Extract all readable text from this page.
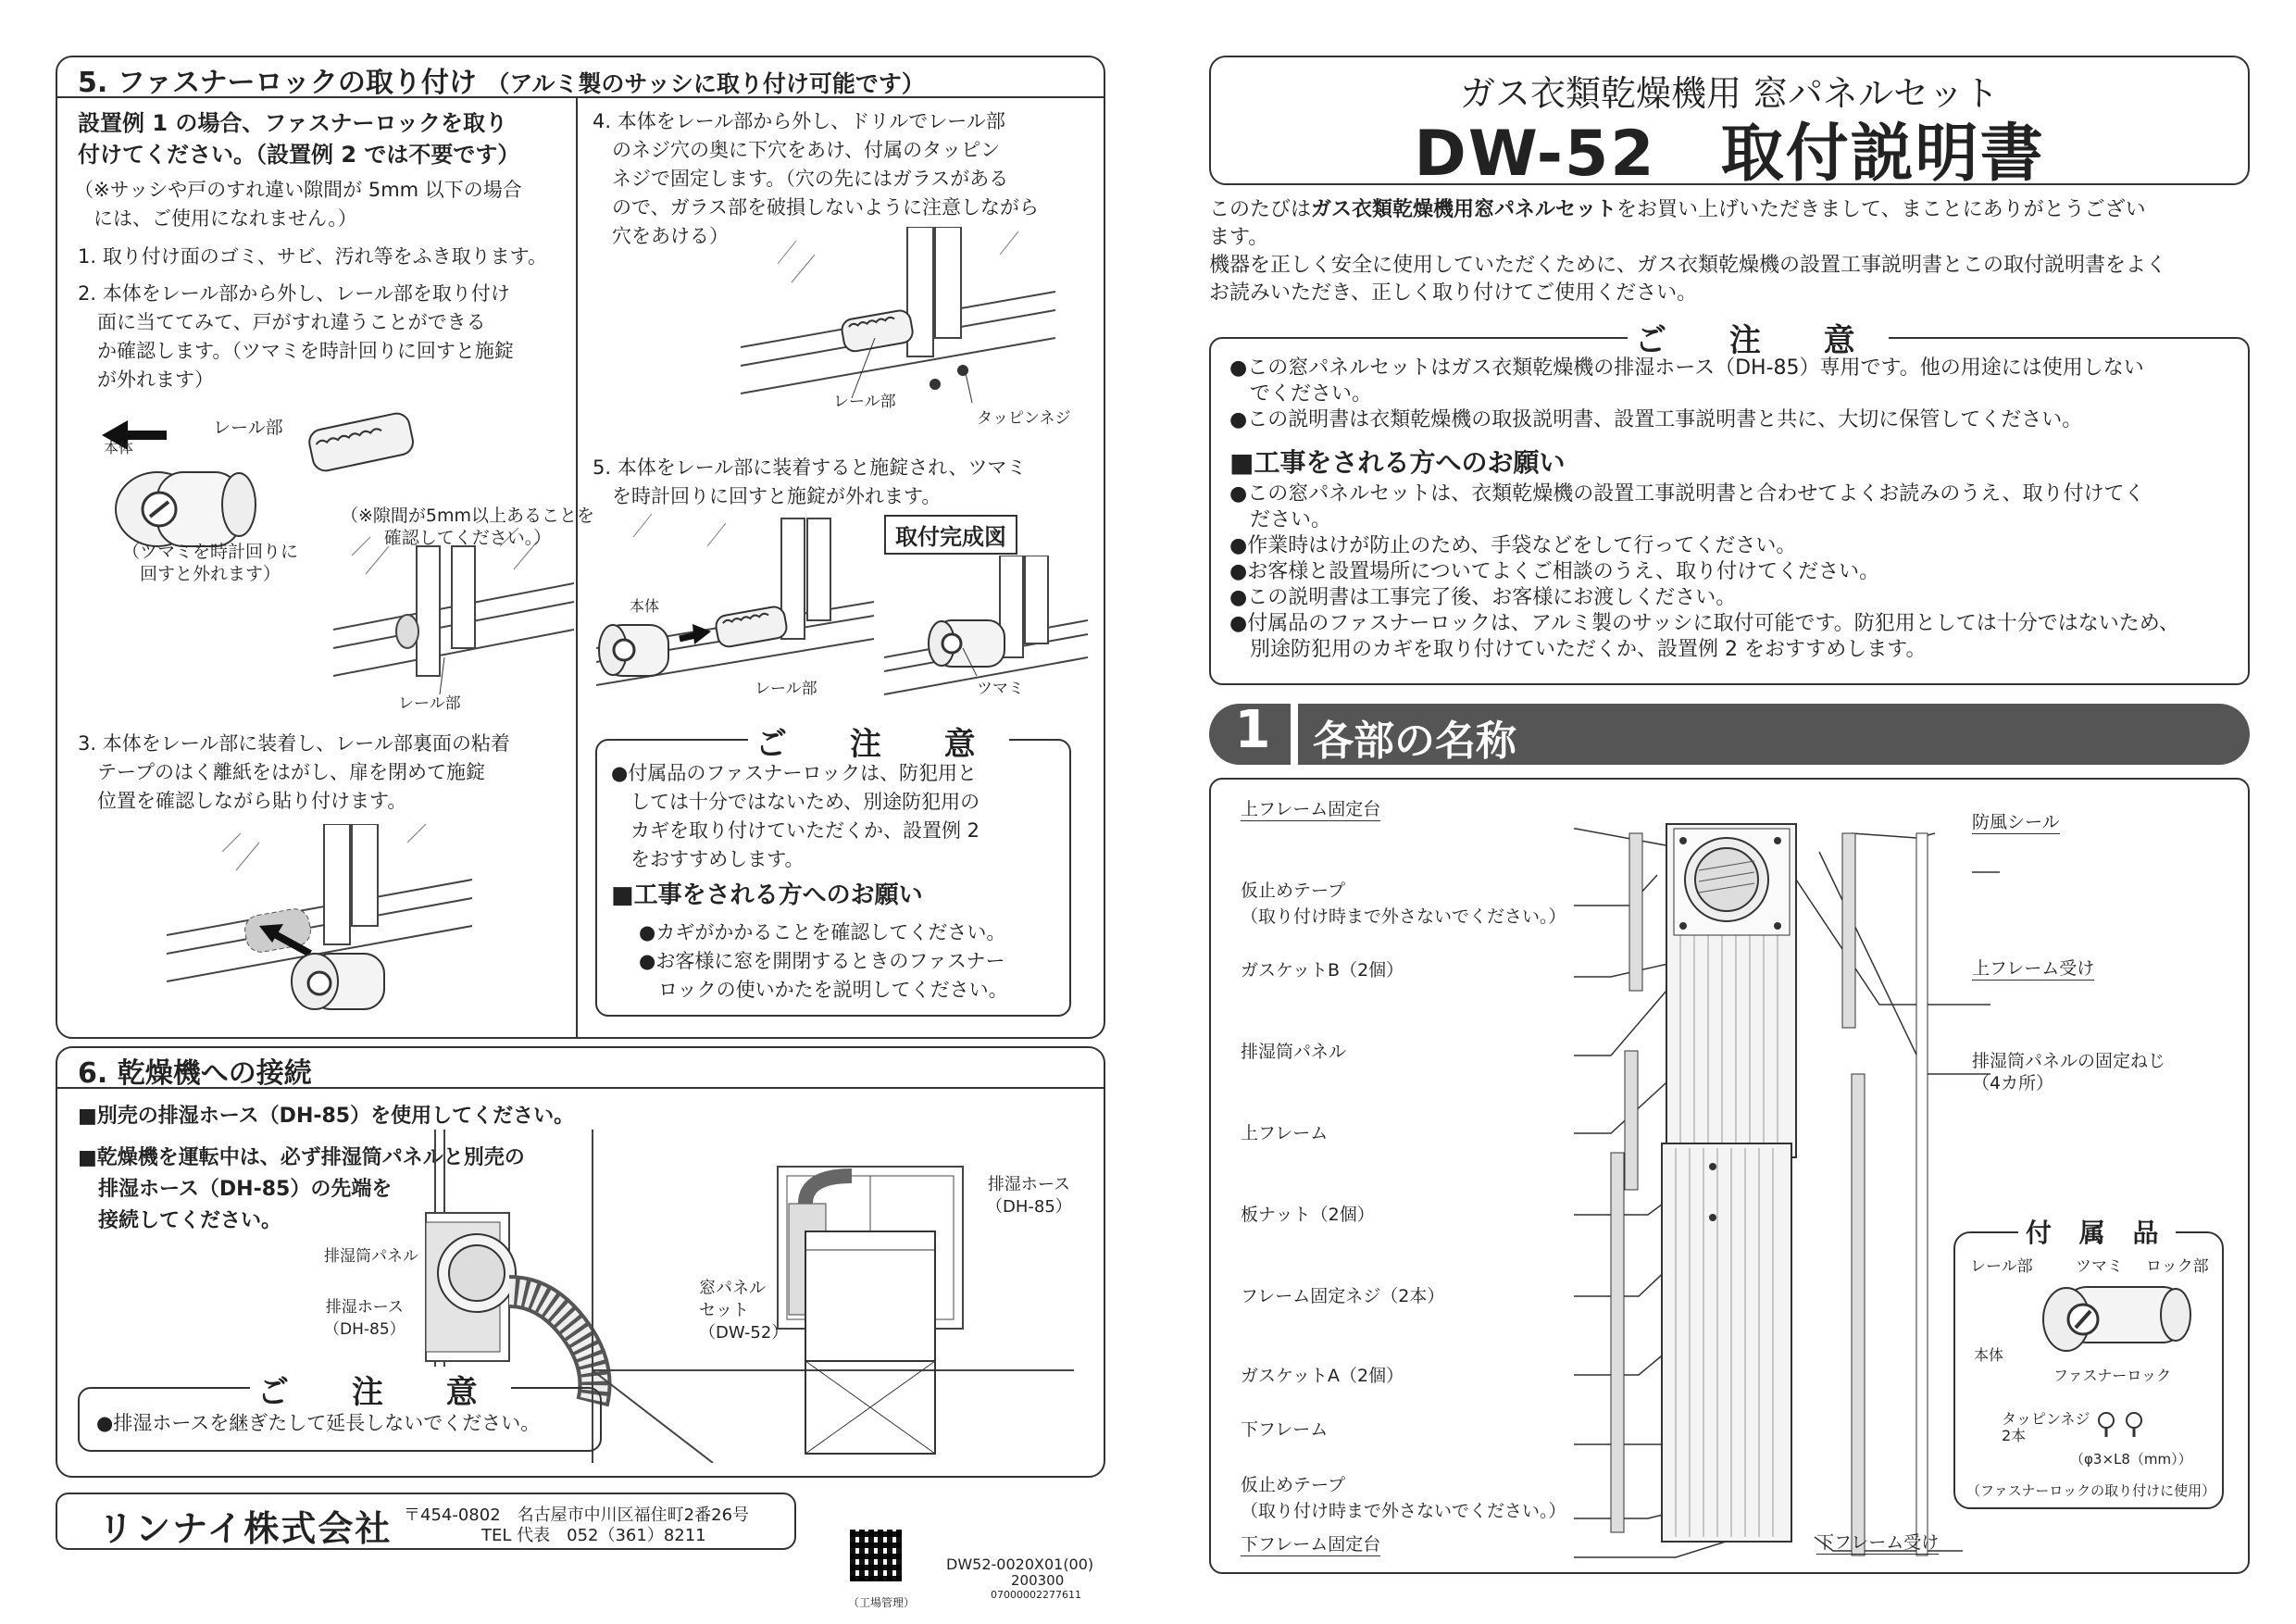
5. ファスナーロックの取り付け （アルミ製のサッシに取り付け可能です）
設置例 1 の場合、ファスナーロックを取り
付けてください。（設置例 2 では不要です）
（※サッシや戸のすれ違い隙間が 5mm 以下の場合
　には、ご使用になれません。）
1. 取り付け面のゴミ、サビ、汚れ等をふき取ります。
2. 本体をレール部から外し、レール部を取り付け
　面に当ててみて、戸がすれ違うことができる
　か確認します。（ツマミを時計回りに回すと施錠
　が外れます）
レール部
本体
（ツマミを時計回りに
回すと外れます）
（※隙間が5mm以上あることを
確認してください。）
レール部
3. 本体をレール部に装着し、レール部裏面の粘着
　テープのはく離紙をはがし、扉を閉めて施錠
　位置を確認しながら貼り付けます。
4. 本体をレール部から外し、ドリルでレール部
　のネジ穴の奥に下穴をあけ、付属のタッピン
　ネジで固定します。（穴の先にはガラスがある
　ので、ガラス部を破損しないように注意しながら
　穴をあける）
レール部
タッピンネジ
5. 本体をレール部に装着すると施錠され、ツマミ
　を時計回りに回すと施錠が外れます。
取付完成図
本体
レール部	ツマミ
ご 注 意
●付属品のファスナーロックは、防犯用と
　しては十分ではないため、別途防犯用の
　カギを取り付けていただくか、設置例 2
　をおすすめします。
■工事をされる方へのお願い
●カギがかかることを確認してください。
●お客様に窓を開閉するときのファスナー
　ロックの使いかたを説明してください。
6. 乾燥機への接続
■別売の排湿ホース（DH-85）を使用してください。
■乾燥機を運転中は、必ず排湿筒パネルと別売の
　排湿ホース（DH-85）の先端を
　接続してください。
排湿筒パネル
排湿ホース
（DH-85）
排湿ホース
（DH-85）
窓パネル
セット
（DW-52）
ご 注 意
●排湿ホースを継ぎたして延長しないでください。
リンナイ株式会社 〒454-0802　名古屋市中川区福住町2番26号
TEL 代表　052（361）8211
（工場管理）
DW52-0020X01(00)
200300
07000002277611
ガス衣類乾燥機用 窓パネルセット
DW-52　取付説明書
このたびはガス衣類乾燥機用窓パネルセットをお買い上げいただきまして、まことにありがとうござい
ます。
機器を正しく安全に使用していただくために、ガス衣類乾燥機の設置工事説明書とこの取付説明書をよく
お読みいただき、正しく取り付けてご使用ください。
ご 注 意
●この窓パネルセットはガス衣類乾燥機の排湿ホース（DH-85）専用です。他の用途には使用しない
　でください。
●この説明書は衣類乾燥機の取扱説明書、設置工事説明書と共に、大切に保管してください。
■工事をされる方へのお願い
●この窓パネルセットは、衣類乾燥機の設置工事説明書と合わせてよくお読みのうえ、取り付けてく
　ださい。
●作業時はけが防止のため、手袋などをして行ってください。
●お客様と設置場所についてよくご相談のうえ、取り付けてください。
●この説明書は工事完了後、お客様にお渡しください。
●付属品のファスナーロックは、アルミ製のサッシに取付可能です。防犯用としては十分ではないため、
　別途防犯用のカギを取り付けていただくか、設置例 2 をおすすめします。
1	各部の名称
上フレーム固定台
仮止めテープ
（取り付け時まで外さないでください。）
ガスケットB（2個）
排湿筒パネル
上フレーム
板ナット（2個）
フレーム固定ネジ（2本）
ガスケットA（2個）
下フレーム
仮止めテープ
（取り付け時まで外さないでください。）
下フレーム固定台
防風シール
上フレーム受け
排湿筒パネルの固定ねじ
（4カ所）
下フレーム受け
付 属 品
レール部	ツマミ ロック部
本体
ファスナーロック
タッピンネジ
2本
（φ3×L8（mm））
（ファスナーロックの取り付けに使用）
